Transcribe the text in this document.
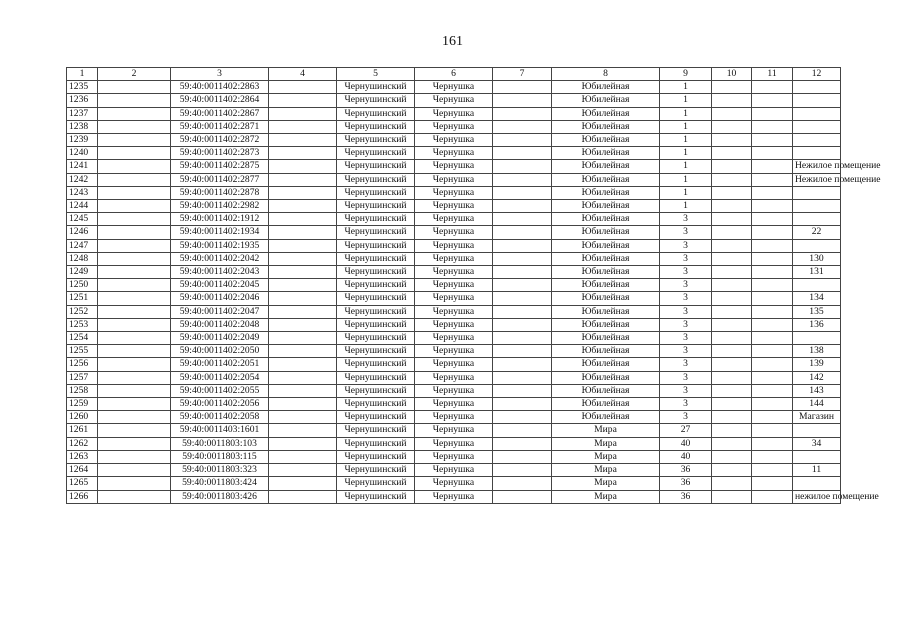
161
1	2	3	4	5	6	7	8	9	10	11	12
1235		59:40:0011402:2863		Чернушинский	Чернушка		Юбилейная	1			
1236		59:40:0011402:2864		Чернушинский	Чернушка		Юбилейная	1			
1237		59:40:0011402:2867		Чернушинский	Чернушка		Юбилейная	1			
1238		59:40:0011402:2871		Чернушинский	Чернушка		Юбилейная	1			
1239		59:40:0011402:2872		Чернушинский	Чернушка		Юбилейная	1			
1240		59:40:0011402:2873		Чернушинский	Чернушка		Юбилейная	1			
1241		59:40:0011402:2875		Чернушинский	Чернушка		Юбилейная	1			Нежилое помещение
1242		59:40:0011402:2877		Чернушинский	Чернушка		Юбилейная	1			Нежилое помещение
1243		59:40:0011402:2878		Чернушинский	Чернушка		Юбилейная	1			
1244		59:40:0011402:2982		Чернушинский	Чернушка		Юбилейная	1			
1245		59:40:0011402:1912		Чернушинский	Чернушка		Юбилейная	3			
1246		59:40:0011402:1934		Чернушинский	Чернушка		Юбилейная	3			22
1247		59:40:0011402:1935		Чернушинский	Чернушка		Юбилейная	3			
1248		59:40:0011402:2042		Чернушинский	Чернушка		Юбилейная	3			130
1249		59:40:0011402:2043		Чернушинский	Чернушка		Юбилейная	3			131
1250		59:40:0011402:2045		Чернушинский	Чернушка		Юбилейная	3			
1251		59:40:0011402:2046		Чернушинский	Чернушка		Юбилейная	3			134
1252		59:40:0011402:2047		Чернушинский	Чернушка		Юбилейная	3			135
1253		59:40:0011402:2048		Чернушинский	Чернушка		Юбилейная	3			136
1254		59:40:0011402:2049		Чернушинский	Чернушка		Юбилейная	3			
1255		59:40:0011402:2050		Чернушинский	Чернушка		Юбилейная	3			138
1256		59:40:0011402:2051		Чернушинский	Чернушка		Юбилейная	3			139
1257		59:40:0011402:2054		Чернушинский	Чернушка		Юбилейная	3			142
1258		59:40:0011402:2055		Чернушинский	Чернушка		Юбилейная	3			143
1259		59:40:0011402:2056		Чернушинский	Чернушка		Юбилейная	3			144
1260		59:40:0011402:2058		Чернушинский	Чернушка		Юбилейная	3			Магазин
1261		59:40:0011403:1601		Чернушинский	Чернушка		Мира	27			
1262		59:40:0011803:103		Чернушинский	Чернушка		Мира	40			34
1263		59:40:0011803:115		Чернушинский	Чернушка		Мира	40			
1264		59:40:0011803:323		Чернушинский	Чернушка		Мира	36			11
1265		59:40:0011803:424		Чернушинский	Чернушка		Мира	36			
1266		59:40:0011803:426		Чернушинский	Чернушка		Мира	36			нежилое помещение
